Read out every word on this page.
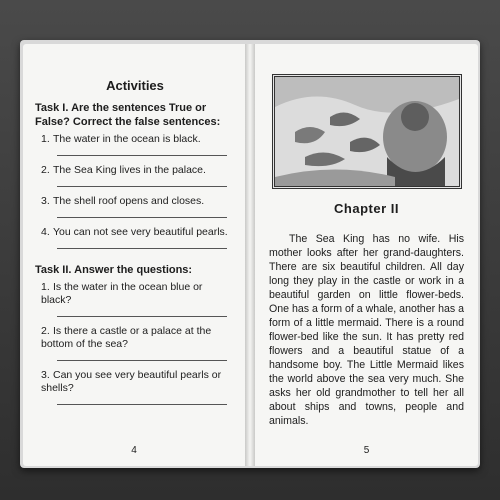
Activities
Task I. Are the sentences True or False? Correct the false sentences:
1. The water in the ocean is black.
2. The Sea King lives in the palace.
3. The shell roof opens and closes.
4. You can not see very beautiful pearls.
Task II. Answer the questions:
1. Is the water in the ocean blue or black?
2. Is there a castle or a palace at the bottom of the sea?
3. Can you see very beautiful pearls or shells?
4
Chapter II

The Sea King has no wife. His mother looks after her grand-daughters. There are six beautiful children. All day long they play in the castle or work in a beautiful garden on little flower-beds. One has a form of a whale, another has a form of a little mermaid. There is a round flower-bed like the sun. It has pretty red flowers and a beautiful statue of a handsome boy. The Little Mermaid likes the world above the sea very much. She asks her old grandmother to tell her all about ships and towns, people and animals.

5
